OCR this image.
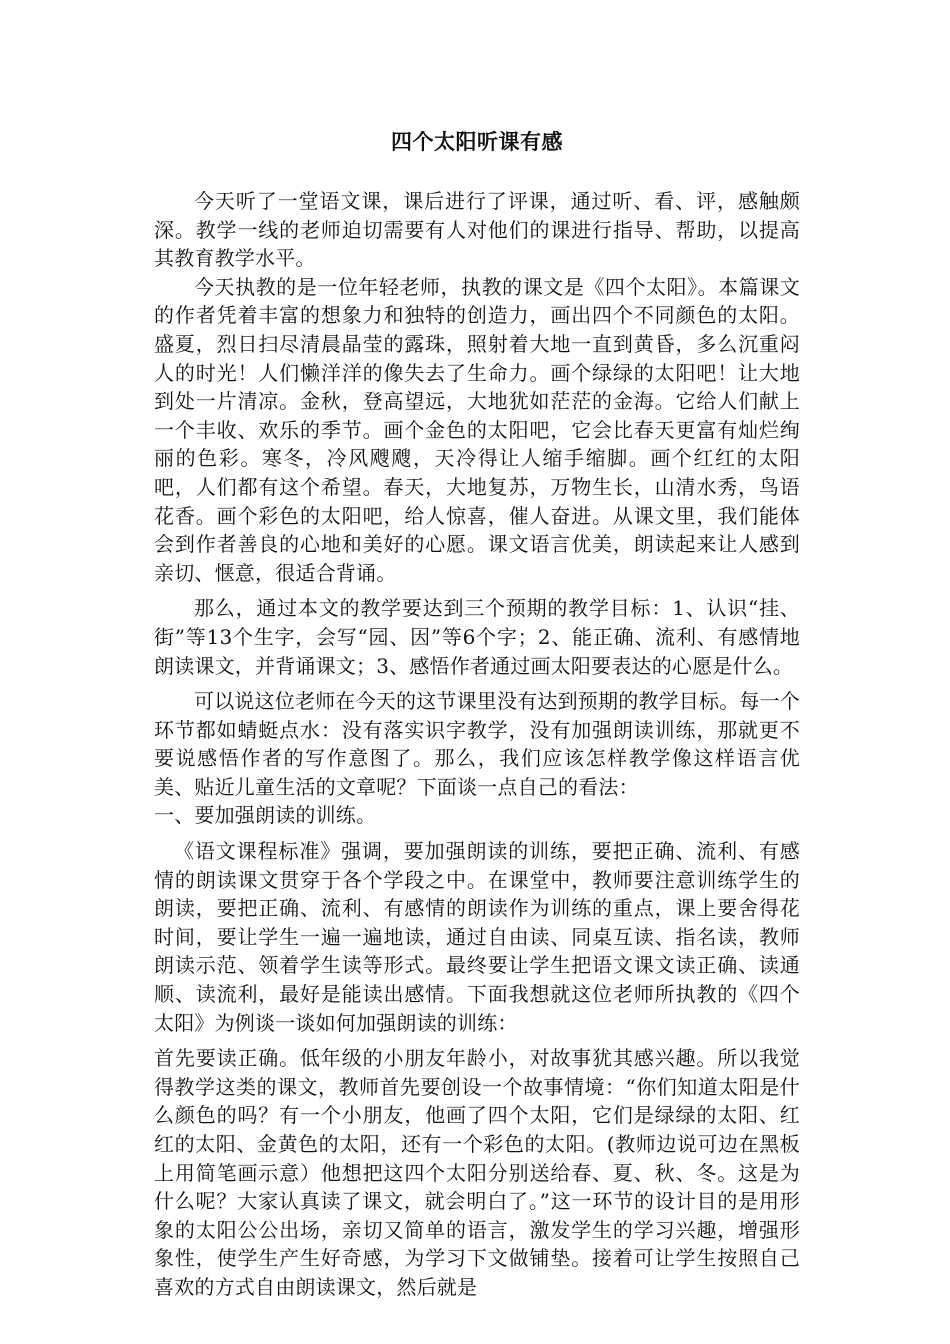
四个太阳听课有感

今天听了一堂语文课，课后进行了评课，通过听、看、评，感触颇深。教学一线的老师迫切需要有人对他们的课进行指导、帮助，以提高其教育教学水平。

今天执教的是一位年轻老师，执教的课文是《四个太阳》。本篇课文的作者凭着丰富的想象力和独特的创造力，画出四个不同颜色的太阳。盛夏，烈日扫尽清晨晶莹的露珠，照射着大地一直到黄昏，多么沉重闷人的时光！人们懒洋洋的像失去了生命力。画个绿绿的太阳吧！让大地到处一片清凉。金秋，登高望远，大地犹如茫茫的金海。它给人们献上一个丰收、欢乐的季节。画个金色的太阳吧，它会比春天更富有灿烂绚丽的色彩。寒冬，冷风飕飕，天冷得让人缩手缩脚。画个红红的太阳吧，人们都有这个希望。春天，大地复苏，万物生长，山清水秀，鸟语花香。画个彩色的太阳吧，给人惊喜，催人奋进。从课文里，我们能体会到作者善良的心地和美好的心愿。课文语言优美，朗读起来让人感到亲切、惬意，很适合背诵。

那么，通过本文的教学要达到三个预期的教学目标：1、认识“挂、街”等13个生字，会写“园、因”等6个字；2、能正确、流利、有感情地朗读课文，并背诵课文；3、感悟作者通过画太阳要表达的心愿是什么。

可以说这位老师在今天的这节课里没有达到预期的教学目标。每一个环节都如蜻蜓点水：没有落实识字教学，没有加强朗读训练，那就更不要说感悟作者的写作意图了。那么，我们应该怎样教学像这样语言优美、贴近儿童生活的文章呢？下面谈一点自己的看法：

一、要加强朗读的训练。

《语文课程标准》强调，要加强朗读的训练，要把正确、流利、有感情的朗读课文贯穿于各个学段之中。在课堂中，教师要注意训练学生的朗读，要把正确、流利、有感情的朗读作为训练的重点，课上要舍得花时间，要让学生一遍一遍地读，通过自由读、同桌互读、指名读，教师朗读示范、领着学生读等形式。最终要让学生把语文课文读正确、读通顺、读流利，最好是能读出感情。下面我想就这位老师所执教的《四个太阳》为例谈一谈如何加强朗读的训练：

首先要读正确。低年级的小朋友年龄小，对故事犹其感兴趣。所以我觉得教学这类的课文，教师首先要创设一个故事情境：“你们知道太阳是什么颜色的吗？有一个小朋友，他画了四个太阳，它们是绿绿的太阳、红红的太阳、金黄色的太阳，还有一个彩色的太阳。(教师边说可边在黑板上用简笔画示意）他想把这四个太阳分别送给春、夏、秋、冬。这是为什么呢？大家认真读了课文，就会明白了。”这一环节的设计目的是用形象的太阳公公出场，亲切又简单的语言，激发学生的学习兴趣，增强形象性，使学生产生好奇感，为学习下文做铺垫。接着可让学生按照自己喜欢的方式自由朗读课文，然后就是
